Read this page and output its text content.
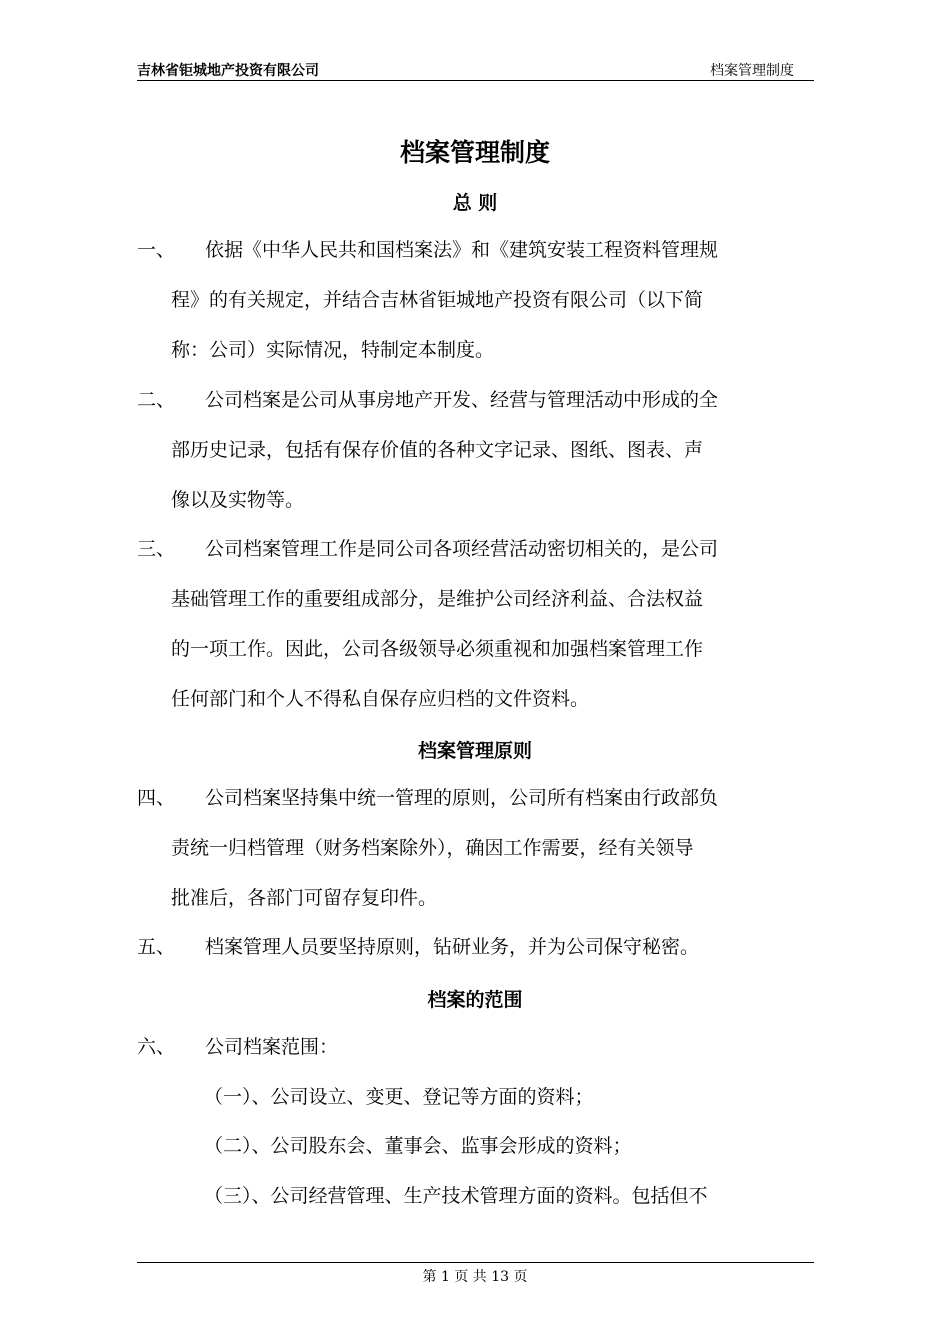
吉林省钜城地产投资有限公司	档案管理制度
档案管理制度
总 则
一、	依据《中华人民共和国档案法》和《建筑安装工程资料管理规
程》的有关规定，并结合吉林省钜城地产投资有限公司（以下简
称：公司）实际情况，特制定本制度。
二、	公司档案是公司从事房地产开发、经营与管理活动中形成的全
部历史记录，包括有保存价值的各种文字记录、图纸、图表、声
像以及实物等。
三、	公司档案管理工作是同公司各项经营活动密切相关的，是公司
基础管理工作的重要组成部分，是维护公司经济利益、合法权益
的一项工作。因此，公司各级领导必须重视和加强档案管理工作
任何部门和个人不得私自保存应归档的文件资料。
档案管理原则
四、	公司档案坚持集中统一管理的原则，公司所有档案由行政部负
责统一归档管理（财务档案除外），确因工作需要，经有关领导
批准后，各部门可留存复印件。
五、	档案管理人员要坚持原则，钻研业务，并为公司保守秘密。
档案的范围
六、	公司档案范围：
（一）、公司设立、变更、登记等方面的资料；
（二）、公司股东会、董事会、监事会形成的资料；
（三）、公司经营管理、生产技术管理方面的资料。包括但不
第 1 页 共 13 页
